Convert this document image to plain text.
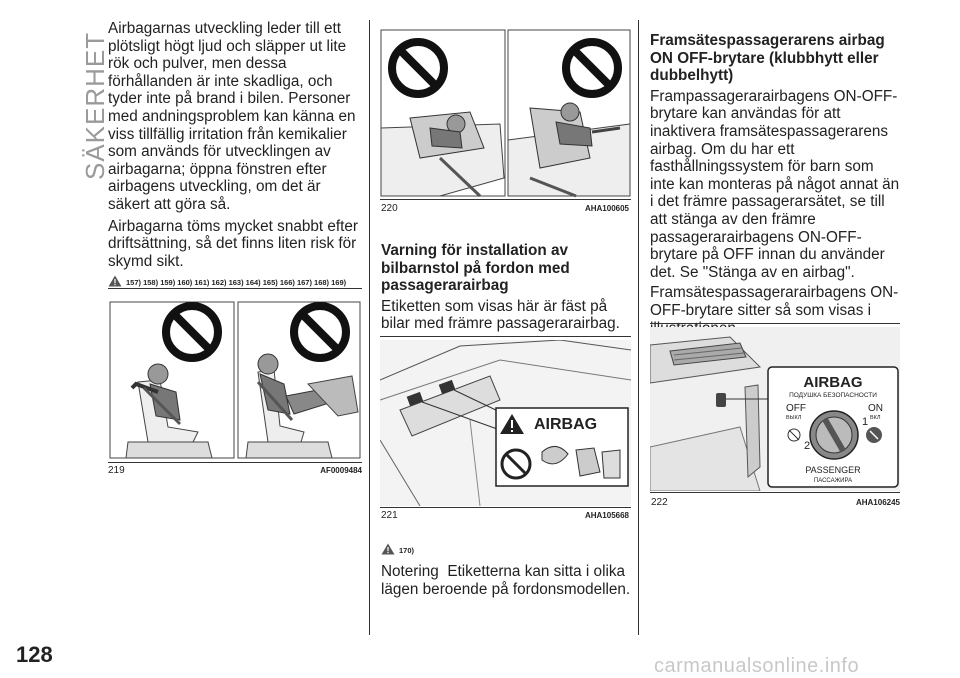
SÄKERHET

Airbagarnas utveckling leder till ett plötsligt högt ljud och släpper ut lite rök och pulver, men dessa förhållanden är inte skadliga, och tyder inte på brand i bilen. Personer med andningsproblem kan känna en viss tillfällig irritation från kemikalier som används för utvecklingen av airbagarna; öppna fönstren efter airbagens utveckling, om det är säkert att göra så.

Airbagarna töms mycket snabbt efter driftsättning, så det finns liten risk för skymd sikt.

157) 158) 159) 160) 161) 162) 163) 164) 165) 166) 167) 168) 169)
219	AF0009484
220	AHA100605
Varning för installation av bilbarnstol på fordon med passagerarairbag

Etiketten som visas här är fäst på bilar med främre passagerarairbag.

AIRBAG
221	AHA105668
170)

Notering  Etiketterna kan sitta i olika lägen beroende på fordonsmodellen.

Framsätespassagerarens airbag ON OFF-brytare (klubbhytt eller dubbelhytt)

Frampassagerarairbagens ON-OFF-brytare kan användas för att inaktivera framsätespassagerarens airbag. Om du har ett fasthållningssystem för barn som inte kan monteras på något annat än i det främre passagerarsätet, se till att stänga av den främre passagerarairbagens ON-OFF-brytare på OFF innan du använder det. Se "Stänga av en airbag".

Framsätespassagerarairbagens ON-OFF-brytare sitter så som visas i

AIRBAG
ПОДУШКА БЕЗОПАСНОСТИ
OFF
ВЫКЛ
ON
ВКЛ
2
1
PASSENGER
ПАССАЖИРА
222	AHA106245
128	carmanualsonline.info
